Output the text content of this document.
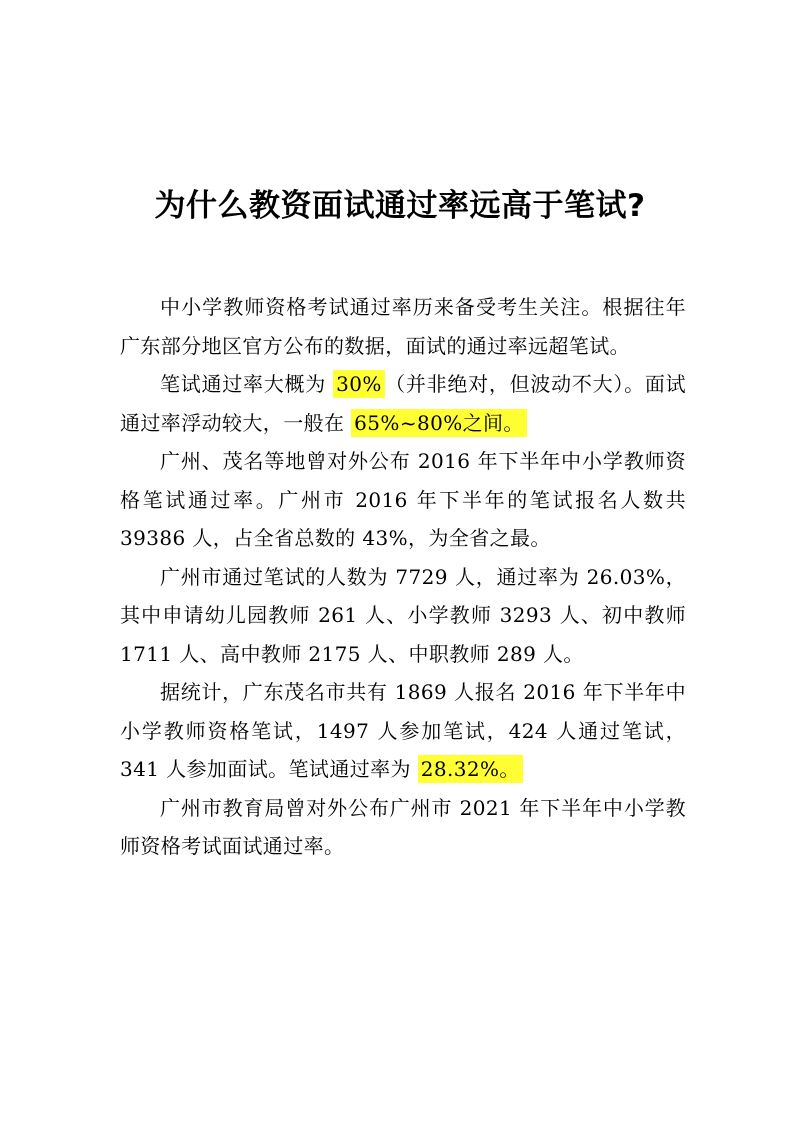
为什么教资面试通过率远高于笔试?

中小学教师资格考试通过率历来备受考生关注。根据往年广东部分地区官方公布的数据，面试的通过率远超笔试。

笔试通过率大概为 30% （并非绝对，但波动不大）。面试通过率浮动较大，一般在 65%~80%之间。

广州、茂名等地曾对外公布 2016 年下半年中小学教师资格笔试通过率。广州市 2016 年下半年的笔试报名人数共 39386 人，占全省总数的 43%，为全省之最。

广州市通过笔试的人数为 7729 人，通过率为 26.03%，其中申请幼儿园教师 261 人、小学教师 3293 人、初中教师 1711 人、高中教师 2175 人、中职教师 289 人。

据统计，广东茂名市共有 1869 人报名 2016 年下半年中小学教师资格笔试，1497 人参加笔试，424 人通过笔试，341 人参加面试。笔试通过率为 28.32%。

广州市教育局曾对外公布广州市 2021 年下半年中小学教师资格考试面试通过率。
